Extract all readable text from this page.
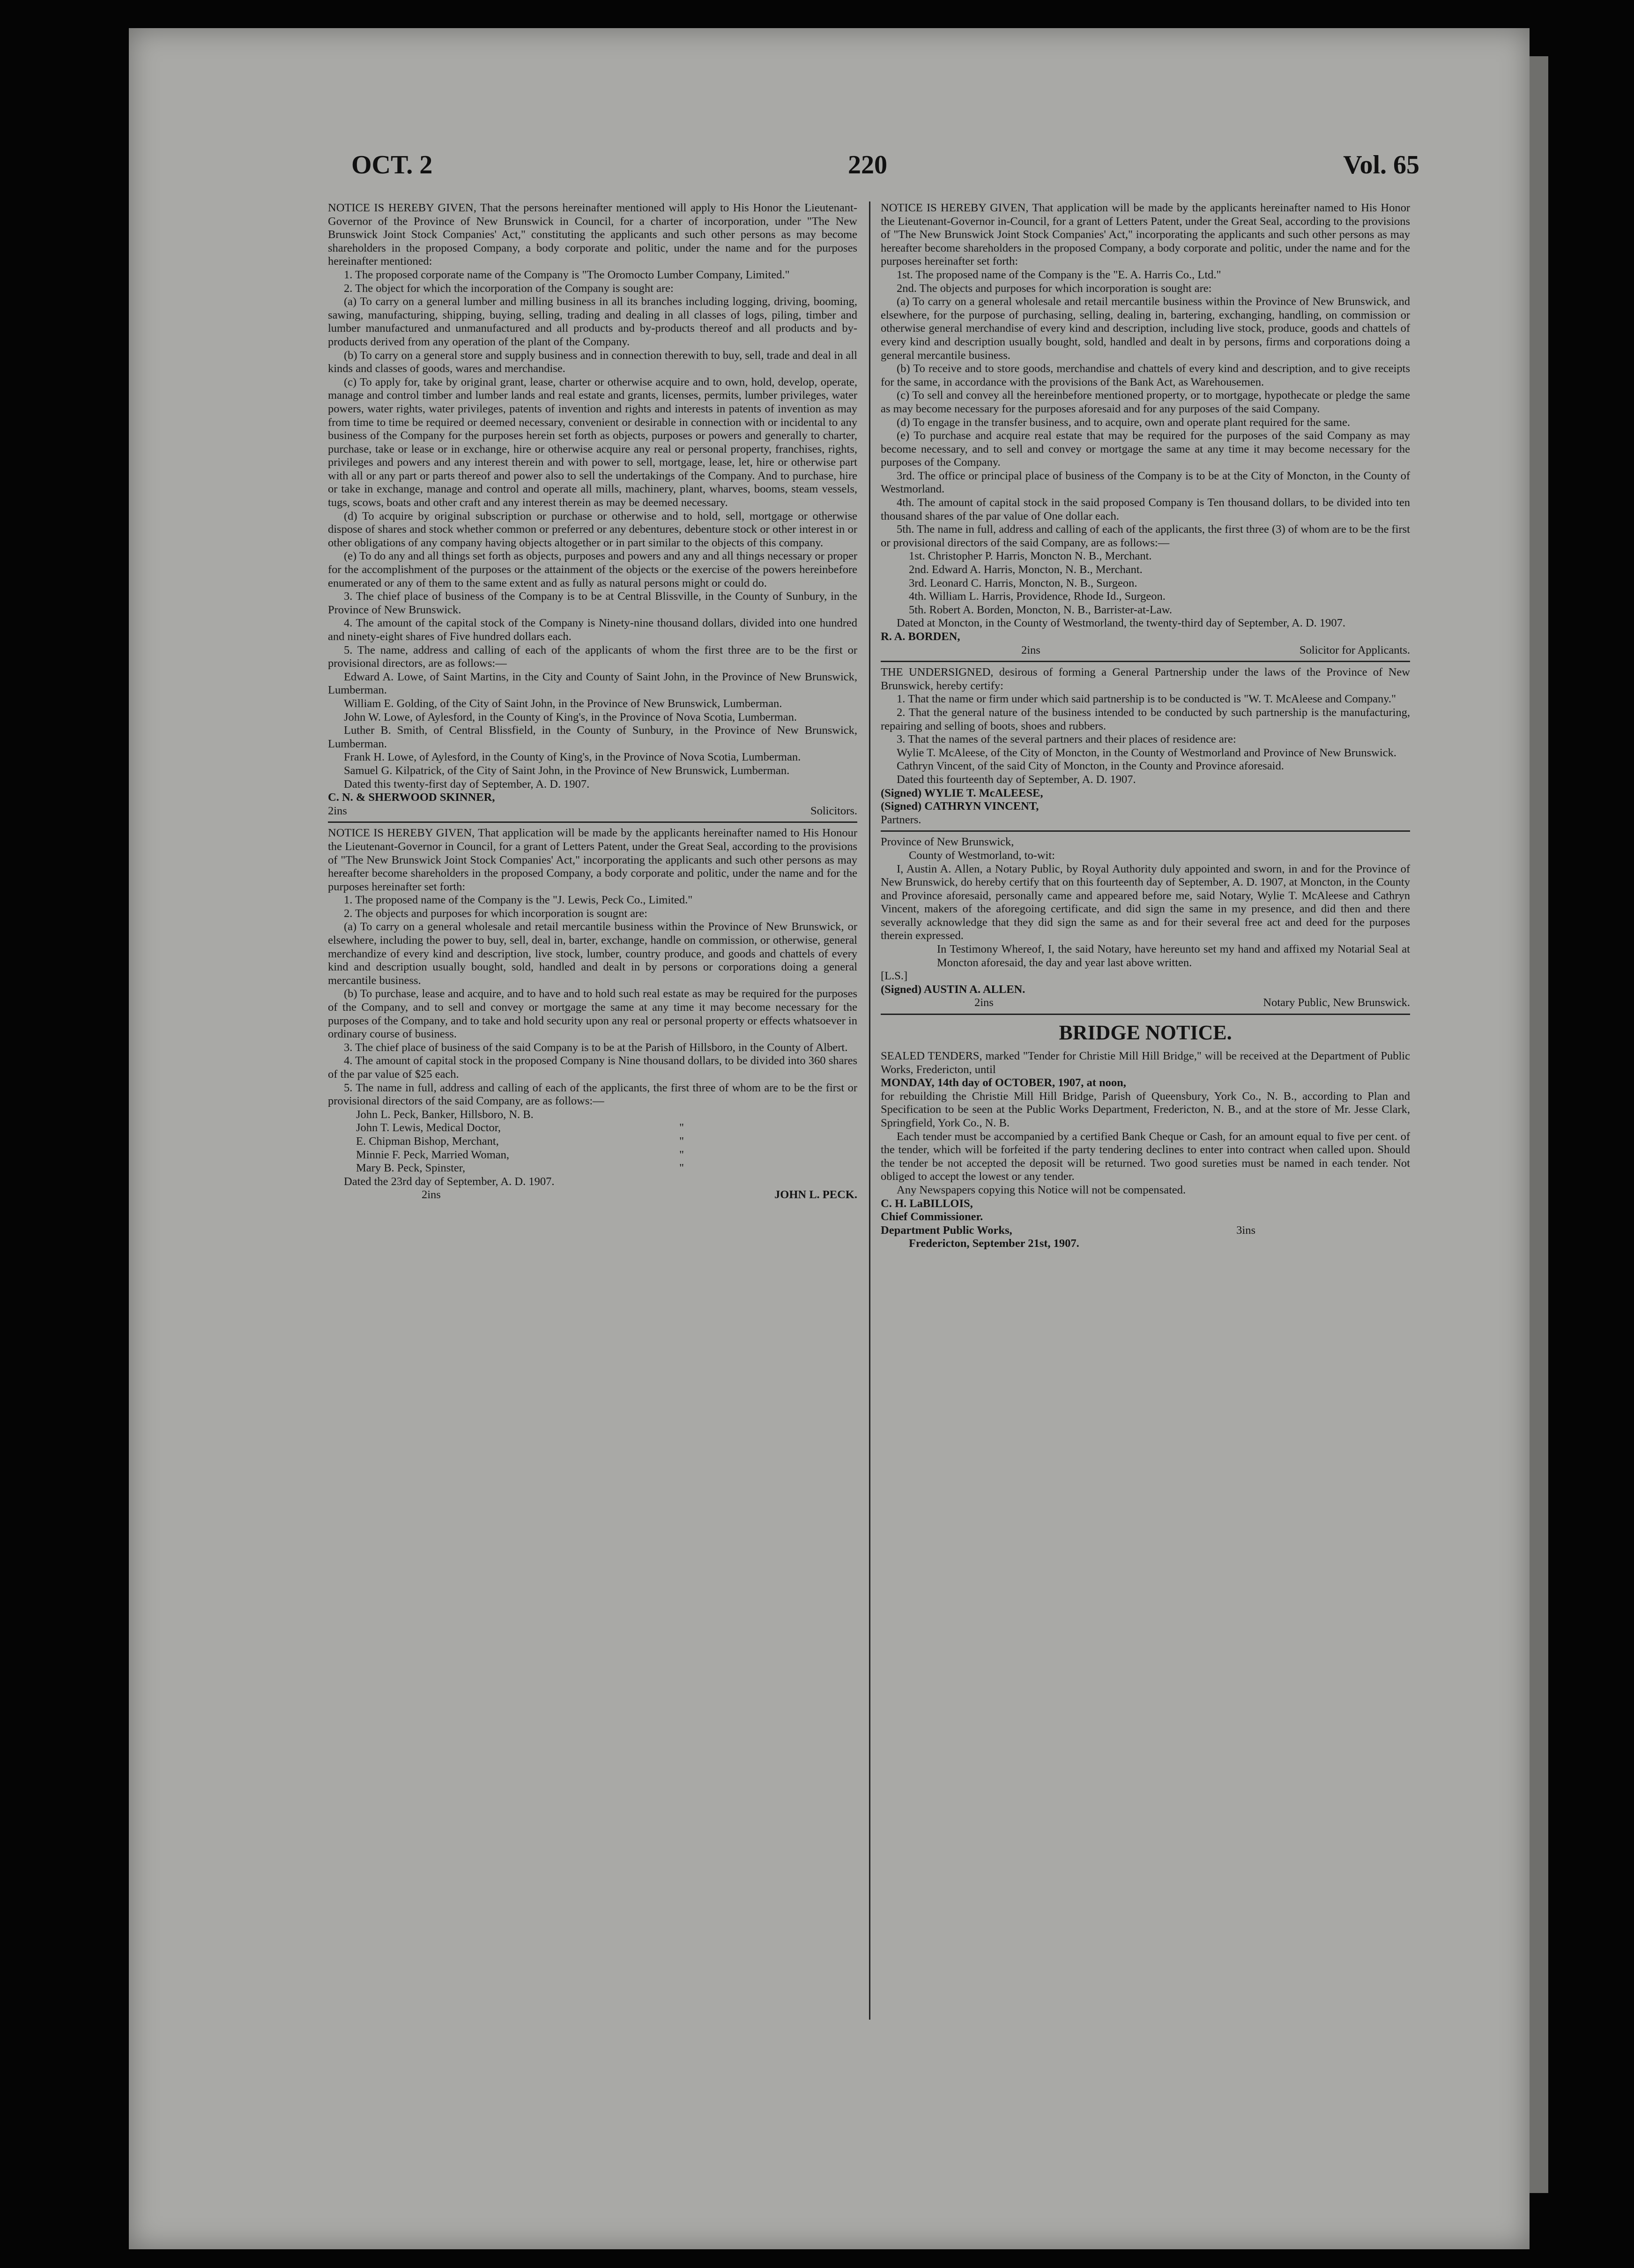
OCT. 2	220	Vol. 65

NOTICE IS HEREBY GIVEN, That the persons hereinafter mentioned will apply to His Honor the Lieutenant-Governor of the Province of New Brunswick in Council, for a charter of incorporation, under "The New Brunswick Joint Stock Companies' Act," constituting the applicants and such other persons as may become shareholders in the proposed Company, a body corporate and politic, under the name and for the purposes hereinafter mentioned:

1. The proposed corporate name of the Company is "The Oromocto Lumber Company, Limited."

2. The object for which the incorporation of the Company is sought are:

(a) To carry on a general lumber and milling business in all its branches including logging, driving, booming, sawing, manufacturing, shipping, buying, selling, trading and dealing in all classes of logs, piling, timber and lumber manufactured and unmanufactured and all products and by-products thereof and all products and by-products derived from any operation of the plant of the Company.

(b) To carry on a general store and supply business and in connection therewith to buy, sell, trade and deal in all kinds and classes of goods, wares and merchandise.

(c) To apply for, take by original grant, lease, charter or otherwise acquire and to own, hold, develop, operate, manage and control timber and lumber lands and real estate and grants, licenses, permits, lumber privileges, water powers, water rights, water privileges, patents of invention and rights and interests in patents of invention as may from time to time be required or deemed necessary, convenient or desirable in connection with or incidental to any business of the Company for the purposes herein set forth as objects, purposes or powers and generally to charter, purchase, take or lease or in exchange, hire or otherwise acquire any real or personal property, franchises, rights, privileges and powers and any interest therein and with power to sell, mortgage, lease, let, hire or otherwise part with all or any part or parts thereof and power also to sell the undertakings of the Company. And to purchase, hire or take in exchange, manage and control and operate all mills, machinery, plant, wharves, booms, steam vessels, tugs, scows, boats and other craft and any interest therein as may be deemed necessary.

(d) To acquire by original subscription or purchase or otherwise and to hold, sell, mortgage or otherwise dispose of shares and stock whether common or preferred or any debentures, debenture stock or other interest in or other obligations of any company having objects altogether or in part similar to the objects of this company.

(e) To do any and all things set forth as objects, purposes and powers and any and all things necessary or proper for the accomplishment of the purposes or the attainment of the objects or the exercise of the powers hereinbefore enumerated or any of them to the same extent and as fully as natural persons might or could do.

3. The chief place of business of the Company is to be at Central Blissville, in the County of Sunbury, in the Province of New Brunswick.

4. The amount of the capital stock of the Company is Ninety-nine thousand dollars, divided into one hundred and ninety-eight shares of Five hundred dollars each.

5. The name, address and calling of each of the applicants of whom the first three are to be the first or provisional directors, are as follows:—

Edward A. Lowe, of Saint Martins, in the City and County of Saint John, in the Province of New Brunswick, Lumberman.

William E. Golding, of the City of Saint John, in the Province of New Brunswick, Lumberman.

John W. Lowe, of Aylesford, in the County of King's, in the Province of Nova Scotia, Lumberman.

Luther B. Smith, of Central Blissfield, in the County of Sunbury, in the Province of New Brunswick, Lumberman.

Frank H. Lowe, of Aylesford, in the County of King's, in the Province of Nova Scotia, Lumberman.

Samuel G. Kilpatrick, of the City of Saint John, in the Province of New Brunswick, Lumberman.

Dated this twenty-first day of September, A. D. 1907.

C. N. & SHERWOOD SKINNER,

2ins	Solicitors.

NOTICE IS HEREBY GIVEN, That application will be made by the applicants hereinafter named to His Honour the Lieutenant-Governor in Council, for a grant of Letters Patent, under the Great Seal, according to the provisions of "The New Brunswick Joint Stock Companies' Act," incorporating the applicants and such other persons as may hereafter become shareholders in the proposed Company, a body corporate and politic, under the name and for the purposes hereinafter set forth:

1. The proposed name of the Company is the "J. Lewis, Peck Co., Limited."

2. The objects and purposes for which incorporation is sougnt are:

(a) To carry on a general wholesale and retail mercantile business within the Province of New Brunswick, or elsewhere, including the power to buy, sell, deal in, barter, exchange, handle on commission, or otherwise, general merchandize of every kind and description, live stock, lumber, country produce, and goods and chattels of every kind and description usually bought, sold, handled and dealt in by persons or corporations doing a general mercantile business.

(b) To purchase, lease and acquire, and to have and to hold such real estate as may be required for the purposes of the Company, and to sell and convey or mortgage the same at any time it may become necessary for the purposes of the Company, and to take and hold security upon any real or personal property or effects whatsoever in ordinary course of business.

3. The chief place of business of the said Company is to be at the Parish of Hillsboro, in the County of Albert.

4. The amount of capital stock in the proposed Company is Nine thousand dollars, to be divided into 360 shares of the par value of $25 each.

5. The name in full, address and calling of each of the applicants, the first three of whom are to be the first or provisional directors of the said Company, are as follows:—

John L. Peck, Banker, Hillsboro, N. B.

John T. Lewis, Medical Doctor,	"
E. Chipman Bishop, Merchant,	"
Minnie F. Peck, Married Woman,	"
Mary B. Peck, Spinster,	"

Dated the 23rd day of September, A. D. 1907.

2ins	JOHN L. PECK.

NOTICE IS HEREBY GIVEN, That application will be made by the applicants hereinafter named to His Honor the Lieutenant-Governor in-Council, for a grant of Letters Patent, under the Great Seal, according to the provisions of "The New Brunswick Joint Stock Companies' Act," incorporating the applicants and such other persons as may hereafter become shareholders in the proposed Company, a body corporate and politic, under the name and for the purposes hereinafter set forth:

1st. The proposed name of the Company is the "E. A. Harris Co., Ltd."

2nd. The objects and purposes for which incorporation is sought are:

(a) To carry on a general wholesale and retail mercantile business within the Province of New Brunswick, and elsewhere, for the purpose of purchasing, selling, dealing in, bartering, exchanging, handling, on commission or otherwise general merchandise of every kind and description, including live stock, produce, goods and chattels of every kind and description usually bought, sold, handled and dealt in by persons, firms and corporations doing a general mercantile business.

(b) To receive and to store goods, merchandise and chattels of every kind and description, and to give receipts for the same, in accordance with the provisions of the Bank Act, as Warehousemen.

(c) To sell and convey all the hereinbefore mentioned property, or to mortgage, hypothecate or pledge the same as may become necessary for the purposes aforesaid and for any purposes of the said Company.

(d) To engage in the transfer business, and to acquire, own and operate plant required for the same.

(e) To purchase and acquire real estate that may be required for the purposes of the said Company as may become necessary, and to sell and convey or mortgage the same at any time it may become necessary for the purposes of the Company.

3rd. The office or principal place of business of the Company is to be at the City of Moncton, in the County of Westmorland.

4th. The amount of capital stock in the said proposed Company is Ten thousand dollars, to be divided into ten thousand shares of the par value of One dollar each.

5th. The name in full, address and calling of each of the applicants, the first three (3) of whom are to be the first or provisional directors of the said Company, are as follows:—

1st. Christopher P. Harris, Moncton N. B., Merchant.

2nd. Edward A. Harris, Moncton, N. B., Merchant.

3rd. Leonard C. Harris, Moncton, N. B., Surgeon.

4th. William L. Harris, Providence, Rhode Id., Surgeon.

5th. Robert A. Borden, Moncton, N. B., Barrister-at-Law.

Dated at Moncton, in the County of Westmorland, the twenty-third day of September, A. D. 1907.

R. A. BORDEN,

2ins	Solicitor for Applicants.

THE UNDERSIGNED, desirous of forming a General Partnership under the laws of the Province of New Brunswick, hereby certify:

1. That the name or firm under which said partnership is to be conducted is "W. T. McAleese and Company."

2. That the general nature of the business intended to be conducted by such partnership is the manufacturing, repairing and selling of boots, shoes and rubbers.

3. That the names of the several partners and their places of residence are:

Wylie T. McAleese, of the City of Moncton, in the County of Westmorland and Province of New Brunswick.

Cathryn Vincent, of the said City of Moncton, in the County and Province aforesaid.

Dated this fourteenth day of September, A. D. 1907.

(Signed) WYLIE T. McALEESE,

(Signed) CATHRYN VINCENT,

Partners.

Province of New Brunswick,

County of Westmorland, to-wit:

I, Austin A. Allen, a Notary Public, by Royal Authority duly appointed and sworn, in and for the Province of New Brunswick, do hereby certify that on this fourteenth day of September, A. D. 1907, at Moncton, in the County and Province aforesaid, personally came and appeared before me, said Notary, Wylie T. McAleese and Cathryn Vincent, makers of the aforegoing certificate, and did sign the same in my presence, and did then and there severally acknowledge that they did sign the same as and for their several free act and deed for the purposes therein expressed.

In Testimony Whereof, I, the said Notary, have hereunto set my hand and affixed my Notarial Seal at Moncton aforesaid, the day and year last above written.

[L.S.]

(Signed) AUSTIN A. ALLEN.

2ins	Notary Public, New Brunswick.
BRIDGE NOTICE.

SEALED TENDERS, marked "Tender for Christie Mill Hill Bridge," will be received at the Department of Public Works, Fredericton, until

MONDAY, 14th day of OCTOBER, 1907, at noon,

for rebuilding the Christie Mill Hill Bridge, Parish of Queensbury, York Co., N. B., according to Plan and Specification to be seen at the Public Works Department, Fredericton, N. B., and at the store of Mr. Jesse Clark, Springfield, York Co., N. B.

Each tender must be accompanied by a certified Bank Cheque or Cash, for an amount equal to five per cent. of the tender, which will be forfeited if the party tendering declines to enter into contract when called upon. Should the tender be not accepted the deposit will be returned. Two good sureties must be named in each tender. Not obliged to accept the lowest or any tender.

Any Newspapers copying this Notice will not be compensated.

C. H. LaBILLOIS,

Chief Commissioner.

Department Public Works,	3ins

Fredericton, September 21st, 1907.
